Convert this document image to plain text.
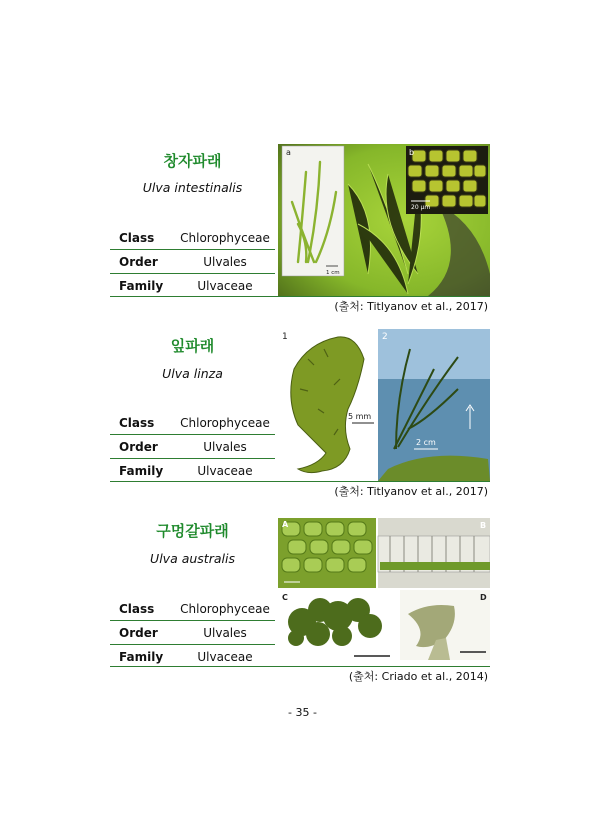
창자파래
Ulva intestinalis
Class	Chlorophyceae
Order	Ulvales
Family	Ulvaceae
a
1 cm
b
20 µm
(출처: Titlyanov et al., 2017)
잎파래
Ulva linza
Class	Chlorophyceae
Order	Ulvales
Family	Ulvaceae
1
5 mm
2
2 cm
(출처: Titlyanov et al., 2017)
구멍갈파래
Ulva australis
Class	Chlorophyceae
Order	Ulvales
Family	Ulvaceae
A	B
C	D
(출처: Criado et al., 2014)
- 35 -
